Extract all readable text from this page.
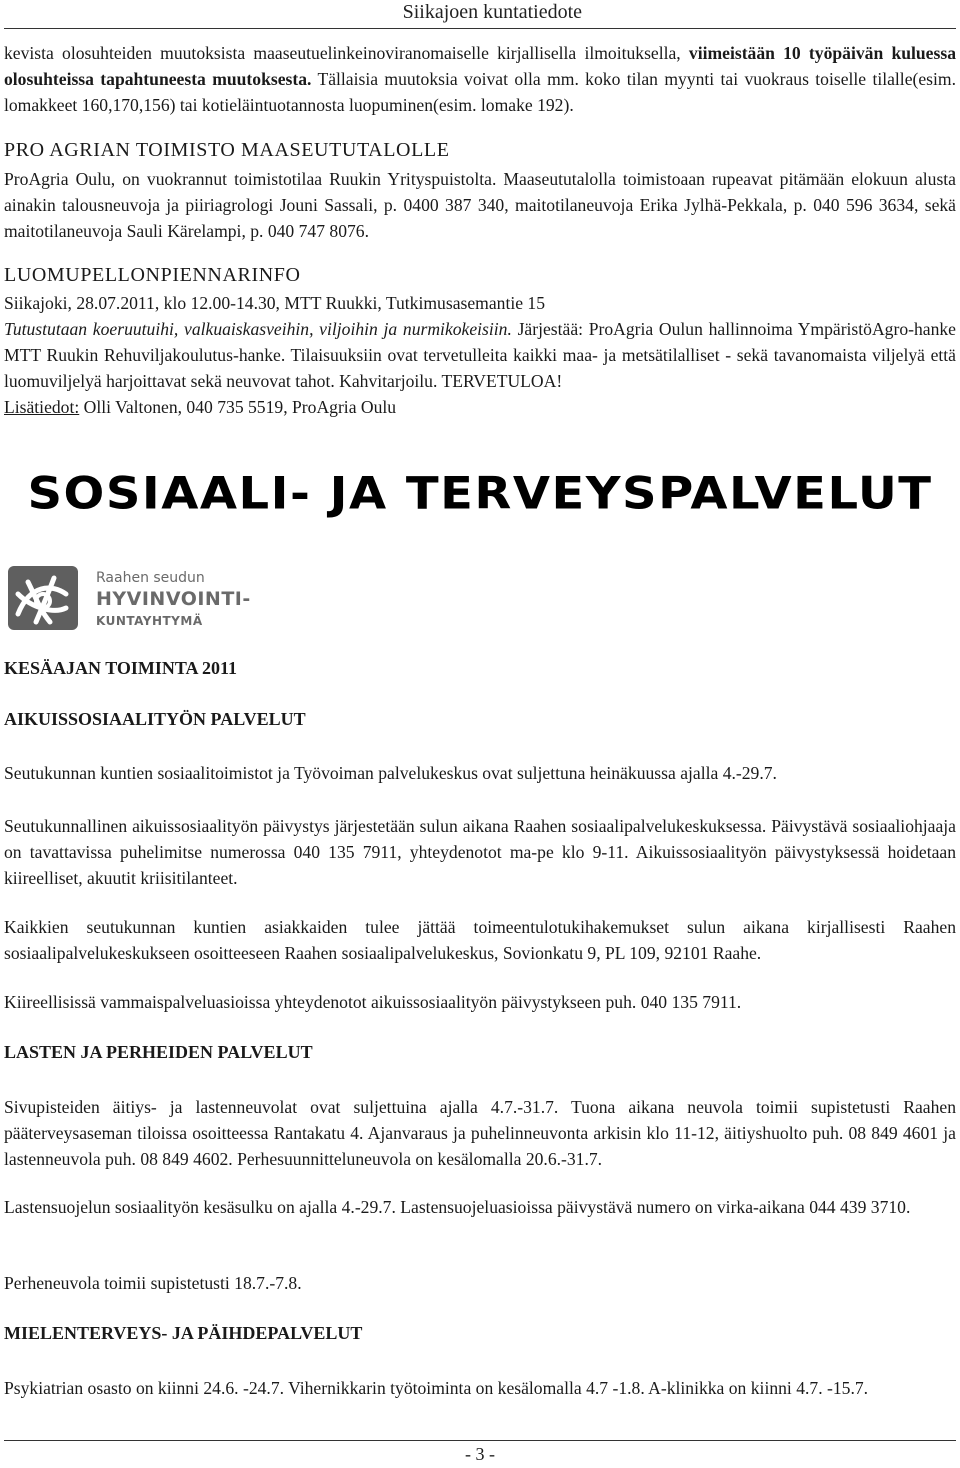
Siikajoen kuntatiedote

kevista olosuhteiden muutoksista maaseutuelinkeinoviranomaiselle kirjallisella ilmoituksella, viimeistään 10 työpäivän kuluessa olosuhteissa tapahtuneesta muutoksesta. Tällaisia muutoksia voivat olla mm. koko tilan myynti tai vuokraus toiselle tilalle(esim. lomakkeet 160,170,156) tai kotieläintuotannosta luopuminen(esim. lomake 192).

PRO AGRIAN TOIMISTO MAASEUTUTALOLLE

ProAgria Oulu, on vuokrannut toimistotilaa Ruukin Yrityspuistolta. Maaseututalolla toimistoaan rupeavat pitämään elokuun alusta ainakin talousneuvoja ja piiriagrologi Jouni Sassali, p. 0400 387 340, maitotilaneuvoja Erika Jylhä-Pekkala, p. 040 596 3634, sekä maitotilaneuvoja Sauli Kärelampi, p. 040 747 8076.

LUOMUPELLONPIENNARINFO

Siikajoki, 28.07.2011, klo 12.00-14.30, MTT Ruukki, Tutkimusasemantie 15

Tutustutaan koeruutuihi, valkuaiskasveihin, viljoihin ja nurmikokeisiin. Järjestää: ProAgria Oulun hallinnoima YmpäristöAgro-hanke MTT Ruukin Rehuviljakoulutus-hanke. Tilaisuuksiin ovat tervetulleita kaikki maa- ja metsätilalliset - sekä tavanomaista viljelyä että luomuviljelyä harjoittavat sekä neuvovat tahot. Kahvitarjoilu. TERVETULOA!

Lisätiedot: Olli Valtonen, 040 735 5519, ProAgria Oulu

SOSIAALI- JA TERVEYSPALVELUT
Raahen seudun
HYVINVOINTI-
KUNTAYHTYMÄ
KESÄAJAN TOIMINTA 2011
AIKUISSOSIAALITYÖN PALVELUT

Seutukunnan kuntien sosiaalitoimistot ja Työvoiman palvelukeskus ovat suljettuna heinäkuussa ajalla 4.-29.7.

Seutukunnallinen aikuissosiaalityön päivystys järjestetään sulun aikana Raahen sosiaalipalvelukeskuksessa. Päivystävä sosiaaliohjaaja on tavattavissa puhelimitse numerossa 040 135 7911, yhteydenotot ma-pe klo 9-11. Aikuissosiaalityön päivystyksessä hoidetaan kiireelliset, akuutit kriisitilanteet.

Kaikkien seutukunnan kuntien asiakkaiden tulee jättää toimeentulotukihakemukset sulun aikana kirjallisesti Raahen sosiaalipalvelukeskukseen osoitteeseen Raahen sosiaalipalvelukeskus, Sovionkatu 9, PL 109, 92101 Raahe.

Kiireellisissä vammaispalveluasioissa yhteydenotot aikuissosiaalityön päivystykseen puh. 040 135 7911.

LASTEN JA PERHEIDEN PALVELUT

Sivupisteiden äitiys- ja lastenneuvolat ovat suljettuina ajalla 4.7.-31.7. Tuona aikana neuvola toimii supistetusti Raahen pääterveysaseman tiloissa osoitteessa Rantakatu 4. Ajanvaraus ja puhelinneuvonta arkisin klo 11-12, äitiyshuolto puh. 08 849 4601 ja lastenneuvola puh. 08 849 4602. Perhesuunnitteluneuvola on kesälomalla 20.6.-31.7.

Lastensuojelun sosiaalityön kesäsulku on ajalla 4.-29.7. Lastensuojeluasioissa päivystävä numero on virka-aikana 044 439 3710.

Perheneuvola toimii supistetusti 18.7.-7.8.

MIELENTERVEYS- JA PÄIHDEPALVELUT

Psykiatrian osasto on kiinni 24.6. -24.7. Vihernikkarin työtoiminta on kesälomalla 4.7 -1.8. A-klinikka on kiinni 4.7. -15.7.

- 3 -
